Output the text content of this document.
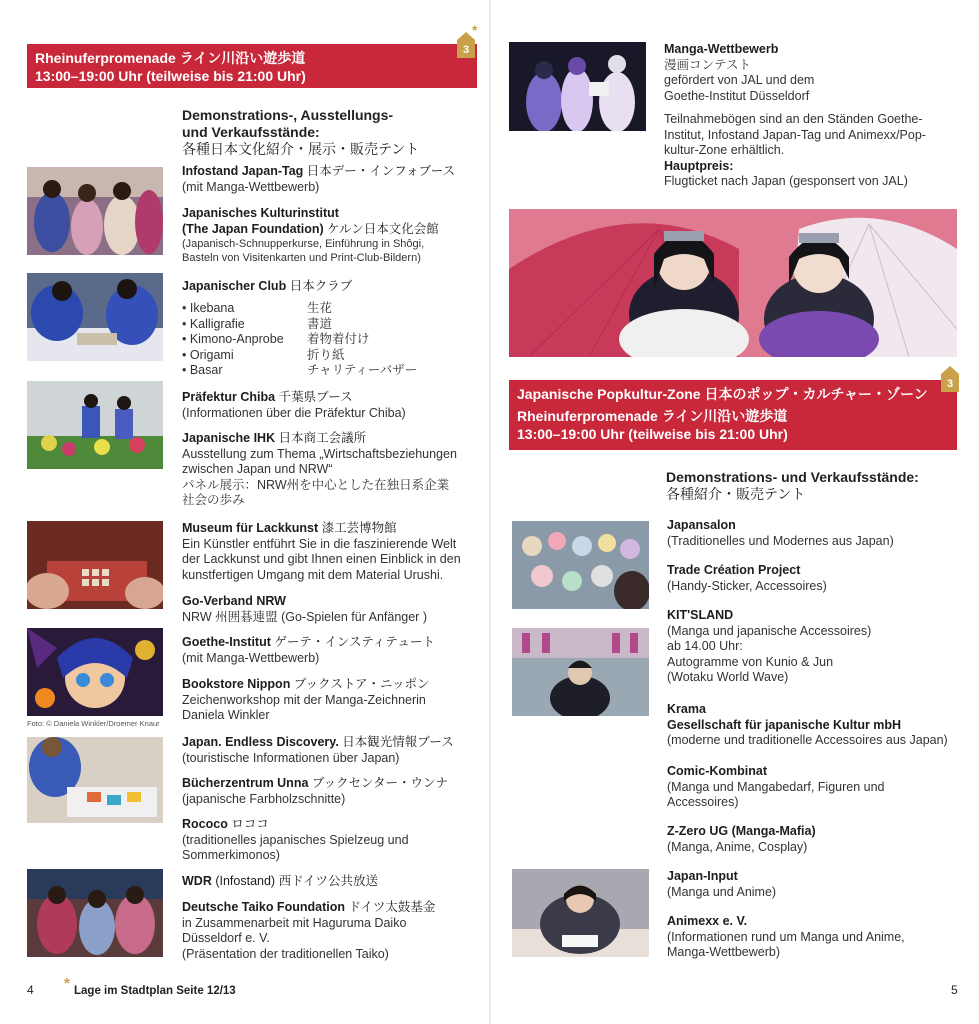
Rheinuferpromenade ライン川沿い遊歩道
13:00–19:00 Uhr (teilweise bis 21:00 Uhr)
3
*
Demonstrations-, Ausstellungs-
und Verkaufsstände:
各種日本文化紹介・展示・販売テント
Foto: © Daniela Winkler/Droemer Knaur
Infostand Japan-Tag 日本デー・インフォブース
(mit Manga-Wettbewerb)
Japanisches Kulturinstitut
(The Japan Foundation) ケルン日本文化会館
(Japanisch-Schnupperkurse, Einführung in Shôgi,
Basteln von Visitenkarten und Print-Club-Bildern)
Japanischer Club 日本クラブ
• Ikebana	生花
• Kalligrafie	書道
• Kimono-Anprobe	着物着付け
• Origami	折り紙
• Basar	チャリティーバザー
Präfektur Chiba 千葉県ブース
(Informationen über die Präfektur Chiba)
Japanische IHK 日本商工会議所
Ausstellung zum Thema „Wirtschaftsbeziehungen
zwischen Japan und NRW“
パネル展示：NRW州を中心とした在独日系企業
社会の歩み
Museum für Lackkunst 漆工芸博物館
Ein Künstler entführt Sie in die faszinierende Welt
der Lackkunst und gibt Ihnen einen Einblick in den
kunstfertigen Umgang mit dem Material Urushi.
Go-Verband NRW
NRW 州囲碁連盟 (Go-Spielen für Anfänger )
Goethe-Institut ゲーテ・インスティテュート
(mit Manga-Wettbewerb)
Bookstore Nippon ブックストア・ニッポン
Zeichenworkshop mit der Manga-Zeichnerin
Daniela Winkler
Japan. Endless Discovery. 日本観光情報ブース
(touristische Informationen über Japan)
Bücherzentrum Unna ブックセンター・ウンナ
(japanische Farbholzschnitte)
Rococo ロココ
(traditionelles japanisches Spielzeug und
Sommerkimonos)
WDR (Infostand) 西ドイツ公共放送
Deutsche Taiko Foundation ドイツ太鼓基金
in Zusammenarbeit mit Haguruma Daiko
Düsseldorf e. V.
(Präsentation der traditionellen Taiko)
4 * Lage im Stadtplan Seite 12/13
Manga-Wettbewerb
漫画コンテスト
gefördert von JAL und dem
Goethe-Institut Düsseldorf
Teilnahmebögen sind an den Ständen Goethe-
Institut, Infostand Japan-Tag und Animexx/Pop-
kultur-Zone erhältlich.
Hauptpreis:
Flugticket nach Japan (gesponsert von JAL)
Japanische Popkultur-Zone 日本のポップ・カルチャー・ゾーン
Rheinuferpromenade ライン川沿い遊歩道
13:00–19:00 Uhr (teilweise bis 21:00 Uhr)
3
Demonstrations- und Verkaufsstände:
各種紹介・販売テント
Japansalon
(Traditionelles und Modernes aus Japan)
Trade Création Project
(Handy-Sticker, Accessoires)
KIT'SLAND
(Manga und japanische Accessoires)
ab 14.00 Uhr:
Autogramme von Kunio & Jun
(Wotaku World Wave)
Krama
Gesellschaft für japanische Kultur mbH
(moderne und traditionelle Accessoires aus Japan)
Comic-Kombinat
(Manga und Mangabedarf, Figuren und
Accessoires)
Z-Zero UG (Manga-Mafia)
(Manga, Anime, Cosplay)
Japan-Input
(Manga und Anime)
Animexx e. V.
(Informationen rund um Manga und Anime,
Manga-Wettbewerb)
5
